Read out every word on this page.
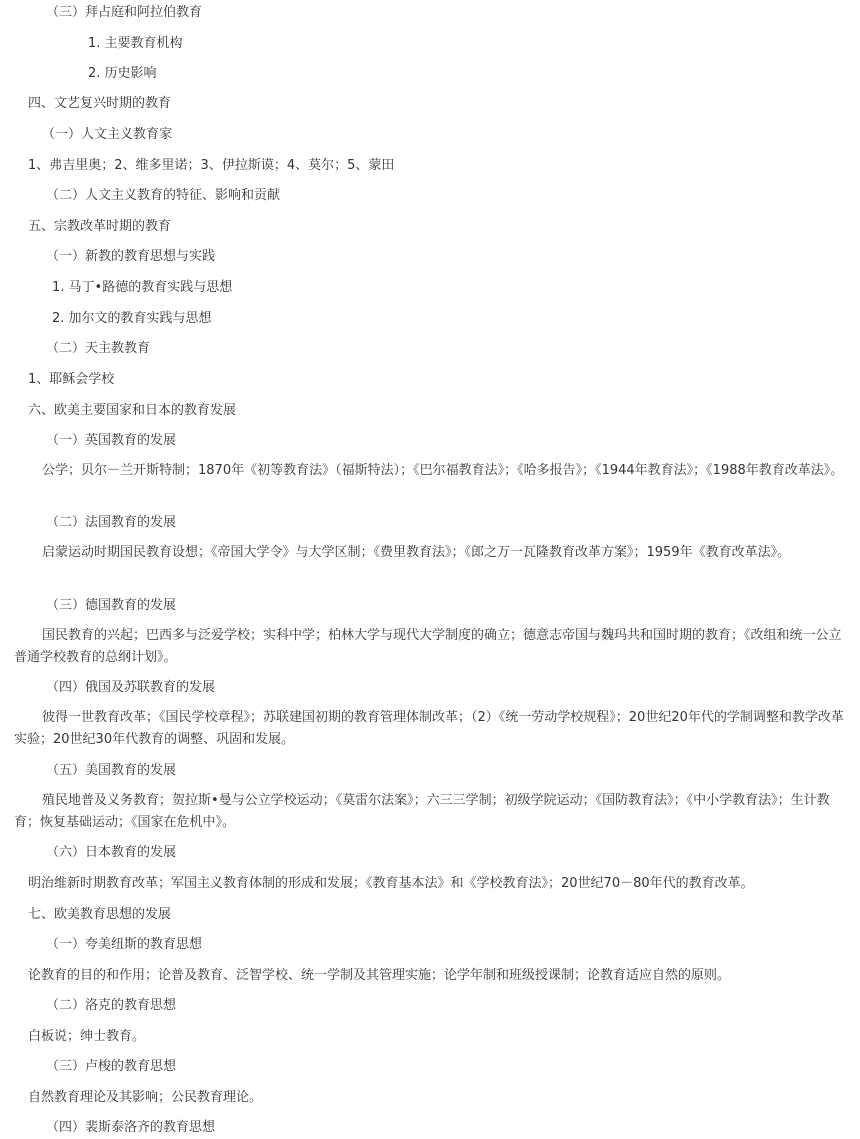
（三）拜占庭和阿拉伯教育
1. 主要教育机构
2. 历史影响
四、文艺复兴时期的教育
（一）人文主义教育家
1、弗吉里奥；2、维多里诺；3、伊拉斯谟；4、莫尔；5、蒙田
（二）人文主义教育的特征、影响和贡献
五、宗教改革时期的教育
（一）新教的教育思想与实践
1. 马丁•路德的教育实践与思想
2. 加尔文的教育实践与思想
（二）天主教教育
1、耶稣会学校
六、欧美主要国家和日本的教育发展
（一）英国教育的发展
公学；贝尔－兰开斯特制；1870年《初等教育法》（福斯特法）；《巴尔福教育法》；《哈多报告》；《1944年教育法》；《1988年教育改革法》。
（二）法国教育的发展
启蒙运动时期国民教育设想；《帝国大学令》与大学区制；《费里教育法》；《郎之万一瓦隆教育改革方案》；1959年《教育改革法》。
（三）德国教育的发展
国民教育的兴起；巴西多与泛爱学校；实科中学；柏林大学与现代大学制度的确立；德意志帝国与魏玛共和国时期的教育；《改组和统一公立普通学校教育的总纲计划》。
（四）俄国及苏联教育的发展
彼得一世教育改革；《国民学校章程》；苏联建国初期的教育管理体制改革；（2）《统一劳动学校规程》；20世纪20年代的学制调整和教学改革实验；20世纪30年代教育的调整、巩固和发展。
（五）美国教育的发展
殖民地普及义务教育；贺拉斯•曼与公立学校运动；《莫雷尔法案》；六三三学制；初级学院运动；《国防教育法》；《中小学教育法》；生计教育；恢复基础运动；《国家在危机中》。
（六）日本教育的发展
明治维新时期教育改革；军国主义教育体制的形成和发展；《教育基本法》和《学校教育法》；20世纪70－80年代的教育改革。
七、欧美教育思想的发展
（一）夸美纽斯的教育思想
论教育的目的和作用；论普及教育、泛智学校、统一学制及其管理实施；论学年制和班级授课制；论教育适应自然的原则。
（二）洛克的教育思想
白板说；绅士教育。
（三）卢梭的教育思想
自然教育理论及其影响；公民教育理论。
（四）裴斯泰洛齐的教育思想
